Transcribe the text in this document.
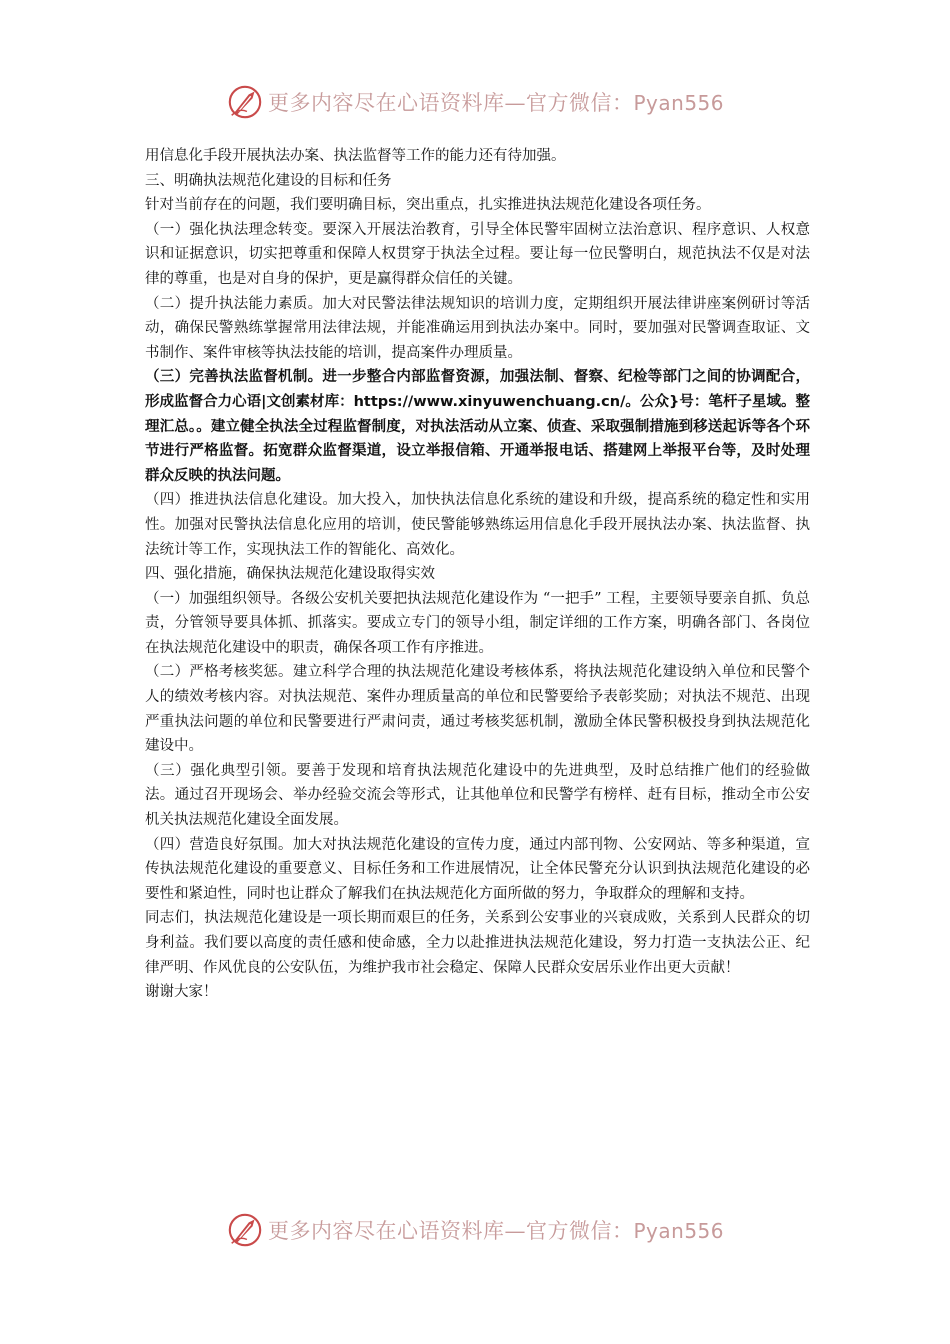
更多内容尽在心语资料库—官方微信：Pyan556

用信息化手段开展执法办案、执法监督等工作的能力还有待加强。

三、明确执法规范化建设的目标和任务

针对当前存在的问题，我们要明确目标，突出重点，扎实推进执法规范化建设各项任务。

（一）强化执法理念转变。要深入开展法治教育，引导全体民警牢固树立法治意识、程序意识、人权意识和证据意识，切实把尊重和保障人权贯穿于执法全过程。要让每一位民警明白，规范执法不仅是对法律的尊重，也是对自身的保护，更是赢得群众信任的关键。

（二）提升执法能力素质。加大对民警法律法规知识的培训力度，定期组织开展法律讲座案例研讨等活动，确保民警熟练掌握常用法律法规，并能准确运用到执法办案中。同时，要加强对民警调查取证、文书制作、案件审核等执法技能的培训，提高案件办理质量。

（三）完善执法监督机制。进一步整合内部监督资源，加强法制、督察、纪检等部门之间的协调配合，形成监督合力心语|文创素材库：https://www.xinyuwenchuang.cn/。公众}号：笔杆子星域。整理汇总。。建立健全执法全过程监督制度，对执法活动从立案、侦查、采取强制措施到移送起诉等各个环节进行严格监督。拓宽群众监督渠道，设立举报信箱、开通举报电话、搭建网上举报平台等，及时处理群众反映的执法问题。

（四）推进执法信息化建设。加大投入，加快执法信息化系统的建设和升级，提高系统的稳定性和实用性。加强对民警执法信息化应用的培训，使民警能够熟练运用信息化手段开展执法办案、执法监督、执法统计等工作，实现执法工作的智能化、高效化。

四、强化措施，确保执法规范化建设取得实效

（一）加强组织领导。各级公安机关要把执法规范化建设作为 “一把手” 工程，主要领导要亲自抓、负总责，分管领导要具体抓、抓落实。要成立专门的领导小组，制定详细的工作方案，明确各部门、各岗位在执法规范化建设中的职责，确保各项工作有序推进。

（二）严格考核奖惩。建立科学合理的执法规范化建设考核体系，将执法规范化建设纳入单位和民警个人的绩效考核内容。对执法规范、案件办理质量高的单位和民警要给予表彰奖励；对执法不规范、出现严重执法问题的单位和民警要进行严肃问责，通过考核奖惩机制，激励全体民警积极投身到执法规范化建设中。

（三）强化典型引领。要善于发现和培育执法规范化建设中的先进典型，及时总结推广他们的经验做法。通过召开现场会、举办经验交流会等形式，让其他单位和民警学有榜样、赶有目标，推动全市公安机关执法规范化建设全面发展。

（四）营造良好氛围。加大对执法规范化建设的宣传力度，通过内部刊物、公安网站、等多种渠道，宣传执法规范化建设的重要意义、目标任务和工作进展情况，让全体民警充分认识到执法规范化建设的必要性和紧迫性，同时也让群众了解我们在执法规范化方面所做的努力，争取群众的理解和支持。

同志们，执法规范化建设是一项长期而艰巨的任务，关系到公安事业的兴衰成败，关系到人民群众的切身利益。我们要以高度的责任感和使命感，全力以赴推进执法规范化建设，努力打造一支执法公正、纪律严明、作风优良的公安队伍，为维护我市社会稳定、保障人民群众安居乐业作出更大贡献！

谢谢大家！

更多内容尽在心语资料库—官方微信：Pyan556
